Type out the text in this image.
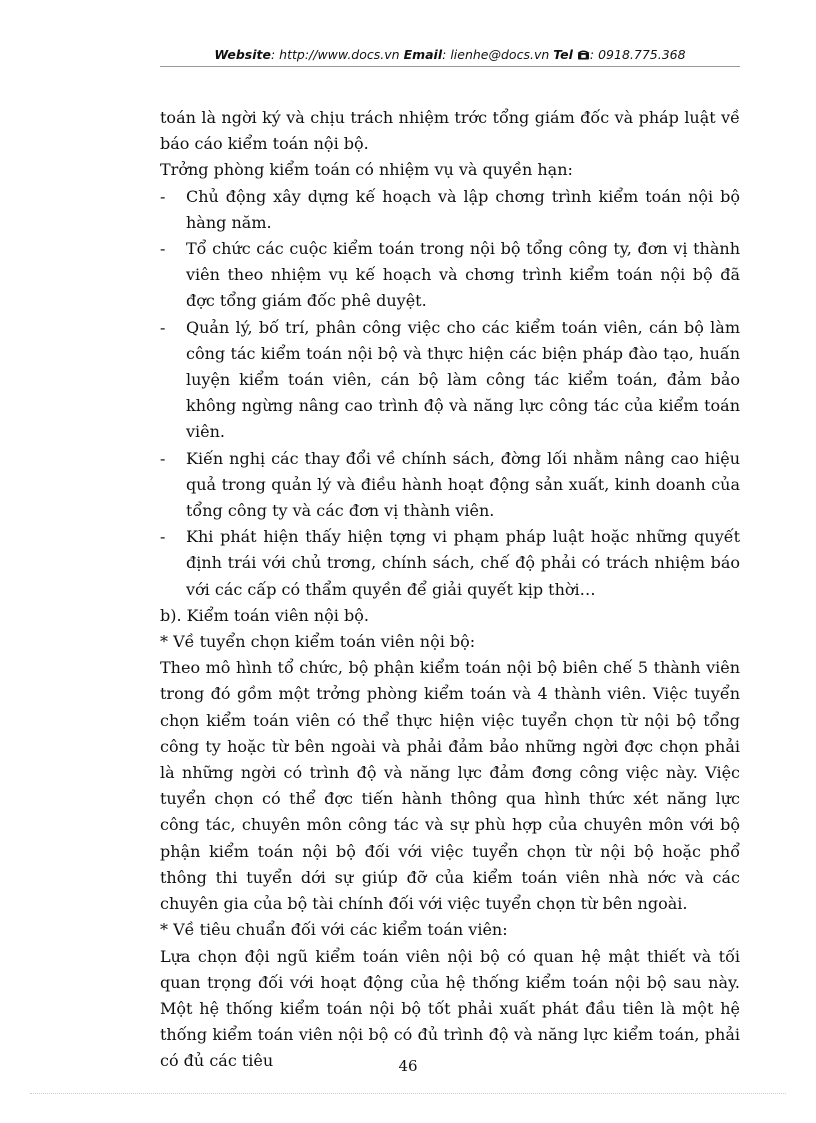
Website: http://www.docs.vn Email: lienhe@docs.vn Tel : 0918.775.368

toán là ngời ký và chịu trách nhiệm trớc tổng giám đốc và pháp luật về báo cáo kiểm toán nội bộ.

Trởng phòng kiểm toán có nhiệm vụ và quyền hạn:

- Chủ động xây dựng kế hoạch và lập chơng trình kiểm toán nội bộ hàng năm.

- Tổ chức các cuộc kiểm toán trong nội bộ tổng công ty, đơn vị thành viên theo nhiệm vụ kế hoạch và chơng trình kiểm toán nội bộ đã đợc tổng giám đốc phê duyệt.

- Quản lý, bố trí, phân công việc cho các kiểm toán viên, cán bộ làm công tác kiểm toán nội bộ và thực hiện các biện pháp đào tạo, huấn luyện kiểm toán viên, cán bộ làm công tác kiểm toán, đảm bảo không ngừng nâng cao trình độ và năng lực công tác của kiểm toán viên.

- Kiến nghị các thay đổi về chính sách, đờng lối nhằm nâng cao hiệu quả trong quản lý và điều hành hoạt động sản xuất, kinh doanh của tổng công ty và các đơn vị thành viên.

- Khi phát hiện thấy hiện tợng vi phạm pháp luật hoặc những quyết định trái với chủ trơng, chính sách, chế độ phải có trách nhiệm báo với các cấp có thẩm quyền để giải quyết kịp thời…

b). Kiểm toán viên nội bộ.

* Về tuyển chọn kiểm toán viên nội bộ:

Theo mô hình tổ chức, bộ phận kiểm toán nội bộ biên chế 5 thành viên trong đó gồm một trởng phòng kiểm toán và 4 thành viên. Việc tuyển chọn kiểm toán viên có thể thực hiện việc tuyển chọn từ nội bộ tổng công ty hoặc từ bên ngoài và phải đảm bảo những ngời đợc chọn phải là những ngời có trình độ và năng lực đảm đơng công việc này. Việc tuyển chọn có thể đợc tiến hành thông qua hình thức xét năng lực công tác, chuyên môn công tác và sự phù hợp của chuyên môn với bộ phận kiểm toán nội bộ đối với việc tuyển chọn từ nội bộ hoặc phổ thông thi tuyển dới sự giúp đỡ của kiểm toán viên nhà nớc và các chuyên gia của bộ tài chính đối với việc tuyển chọn từ bên ngoài.

* Về tiêu chuẩn đối với các kiểm toán viên:

Lựa chọn đội ngũ kiểm toán viên nội bộ có quan hệ mật thiết và tối quan trọng đối với hoạt động của hệ thống kiểm toán nội bộ sau này. Một hệ thống kiểm toán nội bộ tốt phải xuất phát đầu tiên là một hệ thống kiểm toán viên nội bộ có đủ trình độ và năng lực kiểm toán, phải có đủ các tiêu	46
